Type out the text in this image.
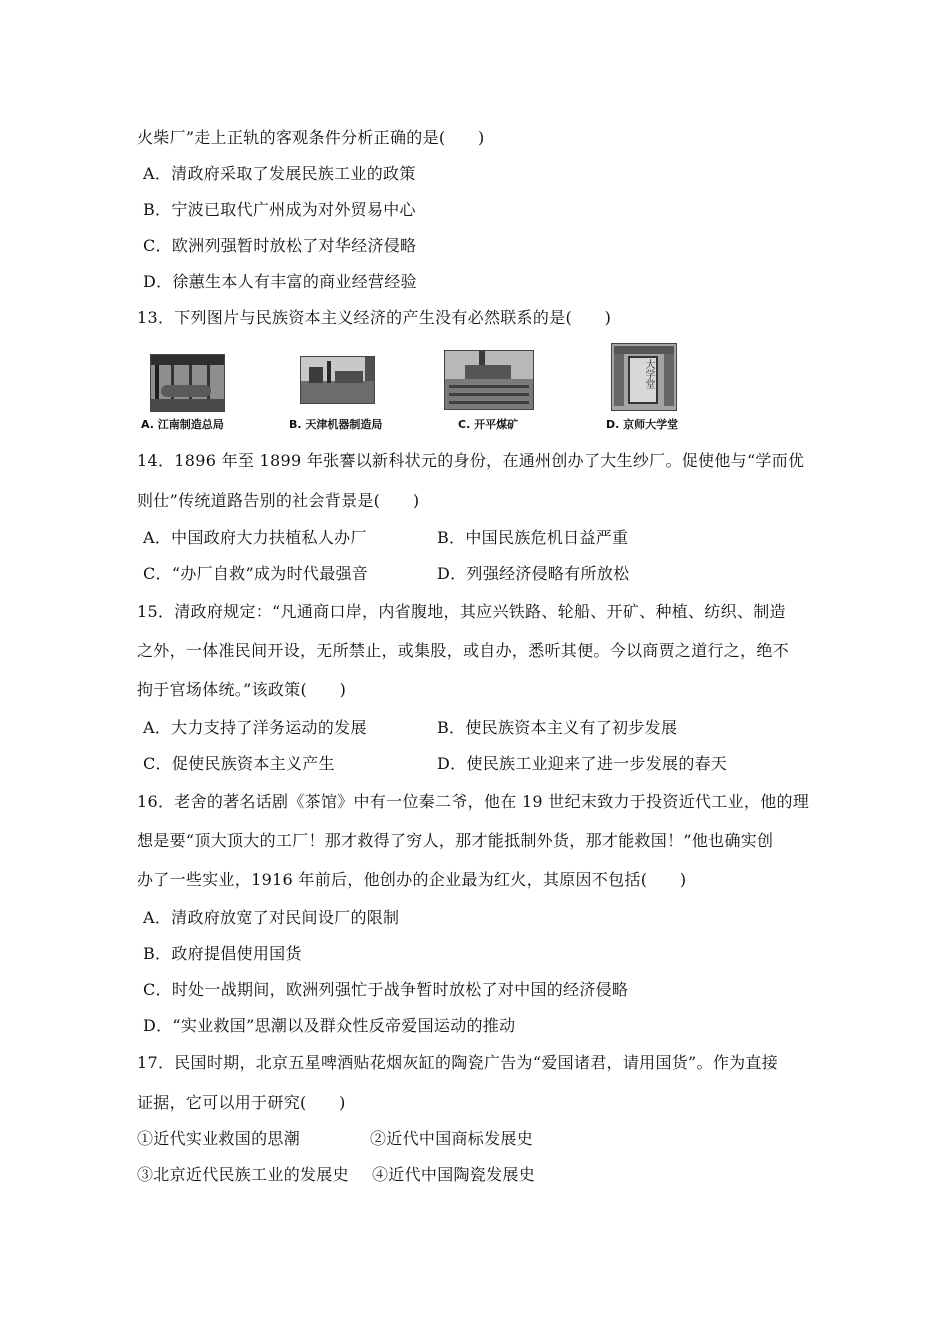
火柴厂”走上正轨的客观条件分析正确的是(　　)
A．清政府采取了发展民族工业的政策
B．宁波已取代广州成为对外贸易中心
C．欧洲列强暂时放松了对华经济侵略
D．徐蕙生本人有丰富的商业经营经验
13．下列图片与民族资本主义经济的产生没有必然联系的是(　　)
A. 江南制造总局	B. 天津机器制造局	C. 开平煤矿
大学堂
D. 京师大学堂
14．1896 年至 1899 年张謇以新科状元的身份，在通州创办了大生纱厂。促使他与“学而优
则仕”传统道路告别的社会背景是(　　)
A．中国政府大力扶植私人办厂	B．中国民族危机日益严重
C．“办厂自救”成为时代最强音	D．列强经济侵略有所放松
15．清政府规定：“凡通商口岸，内省腹地，其应兴铁路、轮船、开矿、种植、纺织、制造
之外，一体准民间开设，无所禁止，或集股，或自办，悉听其便。今以商贾之道行之，绝不
拘于官场体统。”该政策(　　)
A．大力支持了洋务运动的发展	B．使民族资本主义有了初步发展
C．促使民族资本主义产生	D．使民族工业迎来了进一步发展的春天
16．老舍的著名话剧《茶馆》中有一位秦二爷，他在 19 世纪末致力于投资近代工业，他的理
想是要“顶大顶大的工厂！那才救得了穷人，那才能抵制外货，那才能救国！”他也确实创
办了一些实业，1916 年前后，他创办的企业最为红火，其原因不包括(　　)
A．清政府放宽了对民间设厂的限制
B．政府提倡使用国货
C．时处一战期间，欧洲列强忙于战争暂时放松了对中国的经济侵略
D．“实业救国”思潮以及群众性反帝爱国运动的推动
17．民国时期，北京五星啤酒贴花烟灰缸的陶瓷广告为“爱国诸君，请用国货”。作为直接
证据，它可以用于研究(　　)
①近代实业救国的思潮	②近代中国商标发展史
③北京近代民族工业的发展史 ④近代中国陶瓷发展史
